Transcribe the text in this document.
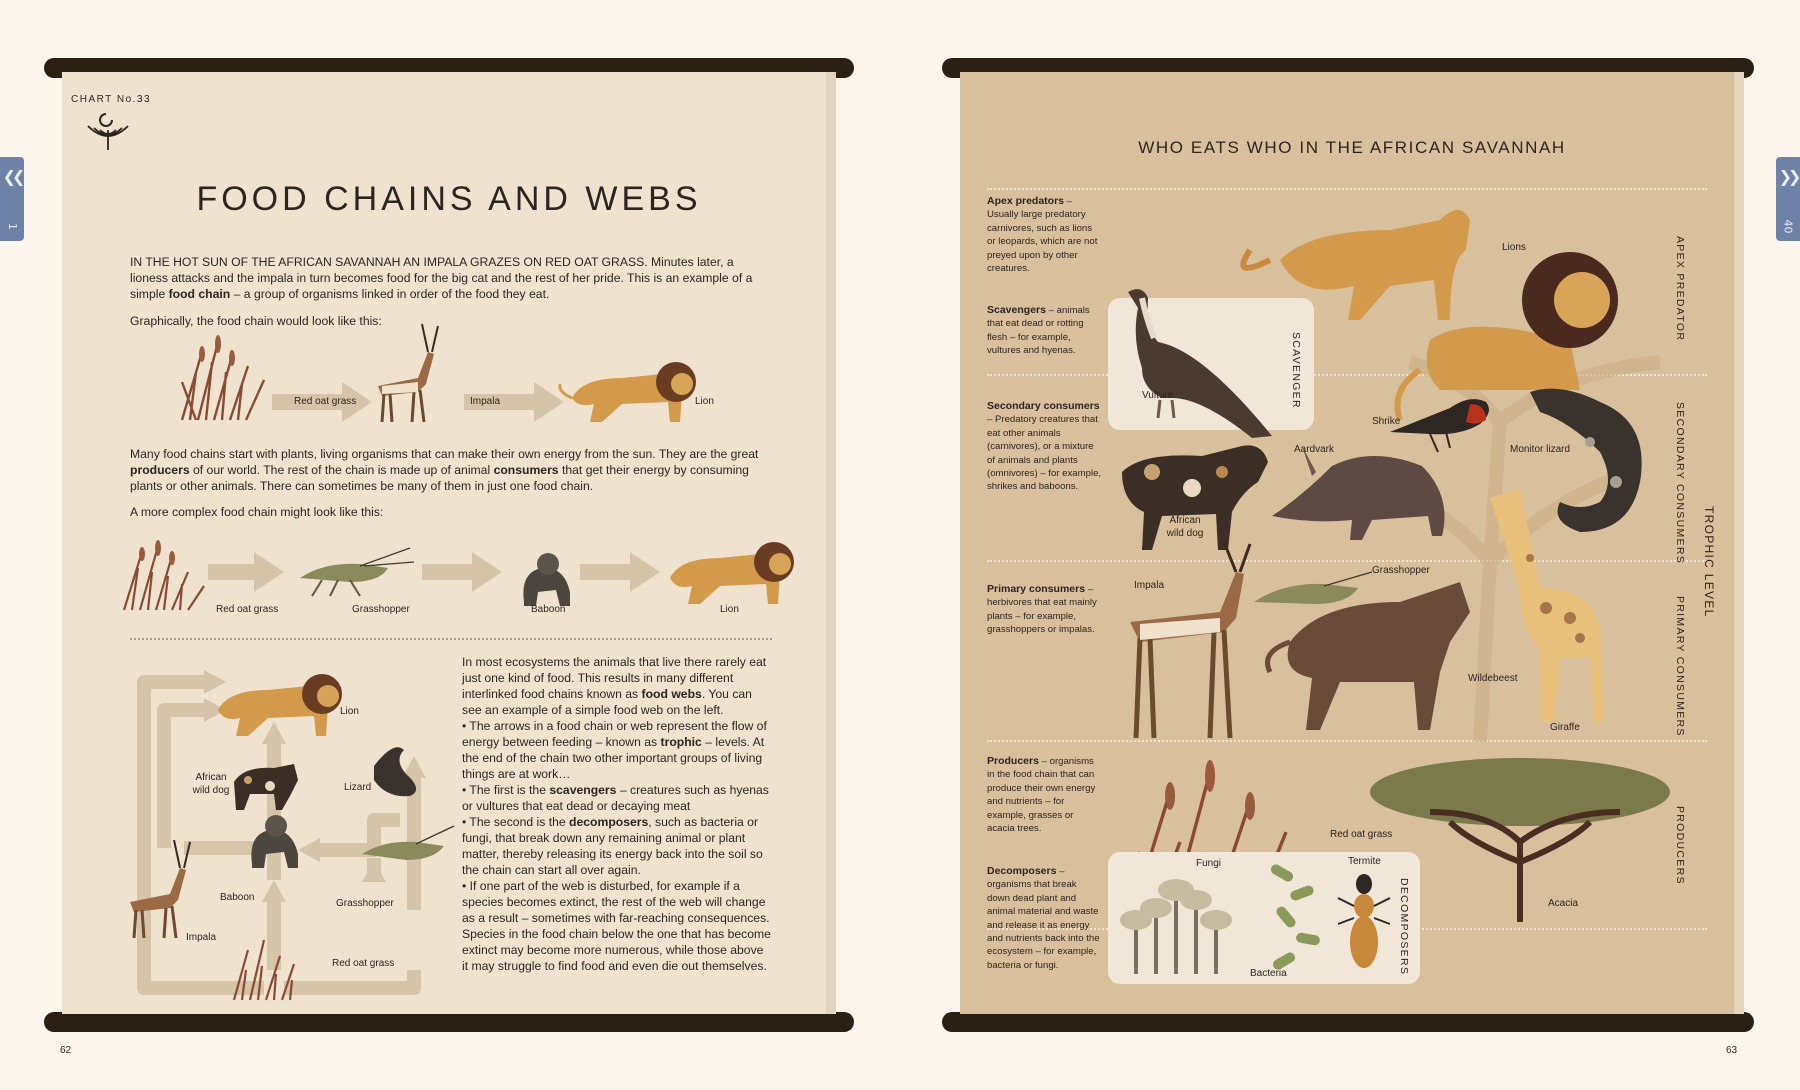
❮❮
1
❯❯
40
CHART No.33
FOOD CHAINS AND WEBS

IN THE HOT SUN OF THE AFRICAN SAVANNAH AN IMPALA GRAZES ON RED OAT GRASS. Minutes later, a lioness attacks and the impala in turn becomes food for the big cat and the rest of her pride. This is an example of a simple food chain – a group of organisms linked in order of the food they eat.

Graphically, the food chain would look like this:

Red oat grass	Impala	Lion

Many food chains start with plants, living organisms that can make their own energy from the sun. They are the great producers of our world. The rest of the chain is made up of animal consumers that get their energy by consuming plants or other animals. There can sometimes be many of them in just one food chain.

A more complex food chain might look like this:

Red oat grass	Grasshopper	Baboon	Lion
Lion
African wild dog	Lizard
Baboon
Grasshopper
Impala
Red oat grass

In most ecosystems the animals that live there rarely eat just one kind of food. This results in many different interlinked food chains known as food webs. You can see an example of a simple food web on the left.
• The arrows in a food chain or web represent the flow of energy between feeding – known as trophic – levels. At the end of the chain two other important groups of living things are at work…
• The first is the scavengers – creatures such as hyenas or vultures that eat dead or decaying meat
• The second is the decomposers, such as bacteria or fungi, that break down any remaining animal or plant matter, thereby releasing its energy back into the soil so the chain can start all over again.
• If one part of the web is disturbed, for example if a species becomes extinct, the rest of the web will change as a result – sometimes with far-reaching consequences. Species in the food chain below the one that has become extinct may become more numerous, while those above it may struggle to find food and even die out themselves.

62
WHO EATS WHO IN THE AFRICAN SAVANNAH

Apex predators – Usually large predatory carnivores, such as lions or leopards, which are not preyed upon by other creatures.

Scavengers – animals that eat dead or rotting flesh – for example, vultures and hyenas.

Secondary consumers – Predatory creatures that eat other animals (carnivores), or a mixture of animals and plants (omnivores) – for example, shrikes and baboons.

Primary consumers – herbivores that eat mainly plants – for example, grasshoppers or impalas.

Producers – organisms in the food chain that can produce their own energy and nutrients – for example, grasses or acacia trees.

Decomposers – organisms that break down dead plant and animal material and waste and release it as energy and nutrients back into the ecosystem – for example, bacteria or fungi.

APEX PREDATOR
SECONDARY CONSUMERS TROPHIC LEVEL
PRIMARY CONSUMERS
PRODUCERS
SCAVENGER
Vulture
Lions
Shrike
Monitor lizard
African wild dog
Aardvark
Impala
Grasshopper
Wildebeest
Giraffe
Red oat grass
Acacia
Fungi
Bacteria
Termite
DECOMPOSERS
63
